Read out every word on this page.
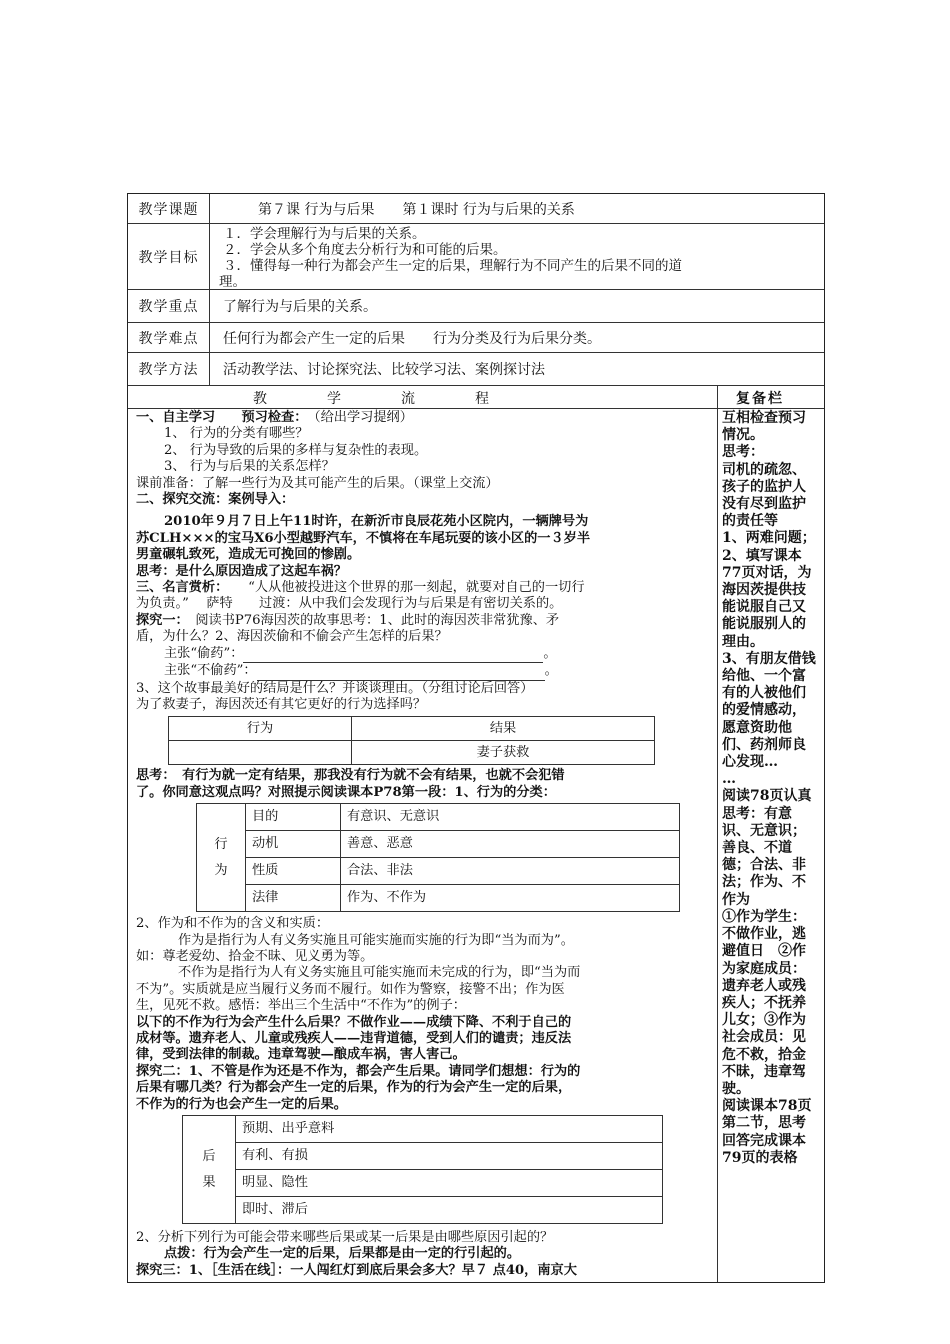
教学课题	第７课 行为与后果　　第１课时 行为与后果的关系
教学目标
１．学会理解行为与后果的关系。
２．学会从多个角度去分析行为和可能的后果。
３．懂得每一种行为都会产生一定的后果，理解行为不同产生的后果不同的道
理。
教学重点	了解行为与后果的关系。
教学难点	任何行为都会产生一定的后果　　行为分类及行为后果分类。
教学方法	活动教学法、讨论探究法、比较学习法、案例探讨法
教学流程	复备栏

一、自主学习　　 预习检查：　 （给出学习提纲）

1、 行为的分类有哪些？

2、 行为导致的后果的多样与复杂性的表现。

3、 行为与后果的关系怎样？

课前准备：了解一些行为及其可能产生的后果。（课堂上交流）

二、探究交流：案例导入：

2010年９月７日上午11时许，在新沂市良辰花苑小区院内，一辆牌号为

苏CLH×××的宝马X6小型越野汽车，不慎将在车尾玩耍的该小区的一３岁半

男童碾轧致死，造成无可挽回的惨剧。

思考：是什么原因造成了这起车祸？

三、名言赏析：　　 “人从他被投进这个世界的那一刻起，就要对自己的一切行

为负责。” 　萨特　　过渡：从中我们会发现行为与后果是有密切关系的。

探究一：　 阅读书P76海因茨的故事思考：1、此时的海因茨非常犹豫、矛

盾，为什么？2、海因茨偷和不偷会产生怎样的后果？

主张“偷药”：	。

主张“不偷药”：	。

3、这个故事最美好的结局是什么？并谈谈理由。（分组讨论后回答）

为了救妻子，海因茨还有其它更好的行为选择吗？

行为	结果
	妻子获救

思考：　有行为就一定有结果，那我没有行为就不会有结果，也就不会犯错

了。你同意这观点吗？对照提示阅读课本P78第一段：1、行为的分类：

行为	目的	有意识、无意识
	动机	善意、恶意
	性质	合法、非法
	法律	作为、不作为

2、作为和不作为的含义和实质：

作为是指行为人有义务实施且可能实施而实施的行为即“当为而为”。

如：尊老爱幼、拾金不昧、见义勇为等。

不作为是指行为人有义务实施且可能实施而未完成的行为，即“当为而

不为”。实质就是应当履行义务而不履行。如作为警察，接警不出；作为医

生，见死不救。感悟：举出三个生活中“不作为”的例子：

以下的不作为行为会产生什么后果？不做作业——成绩下降、不利于自己的

成材等。遗弃老人、儿童或残疾人——违背道德，受到人们的谴责；违反法

律，受到法律的制裁。违章驾驶—酿成车祸，害人害己。

探究二：1、不管是作为还是不作为，都会产生后果。请同学们想想：行为的

后果有哪几类？行为都会产生一定的后果，作为的行为会产生一定的后果，

不作为的行为也会产生一定的后果。

后果	预期、出乎意料
有利、有损
明显、隐性
即时、滞后

2、分析下列行为可能会带来哪些后果或某一后果是由哪些原因引起的？

点拨：行为会产生一定的后果，后果都是由一定的行引起的。

探究三：1、［生活在线］：一人闯红灯到底后果会多大？早７ 点40，南京大

互相检查预习情况。

思考：

司机的疏忽、孩子的监护人没有尽到监护的责任等

1、两难问题；

2、填写课本77页对话，为海因茨提供技能说服自己又能说服别人的理由。

3、有朋友借钱给他、一个富有的人被他们的爱情感动，愿意资助他们、药剂师良心发现…

…

阅读78页认真思考：有意识、无意识；善良、不道德；合法、非法；作为、不作为

①作为学生：不做作业，逃避值日　②作为家庭成员：遗弃老人或残疾人；不抚养儿女；③作为社会成员：见危不救，拾金不昧，违章驾驶。

阅读课本78页第二节，思考回答完成课本79页的表格
